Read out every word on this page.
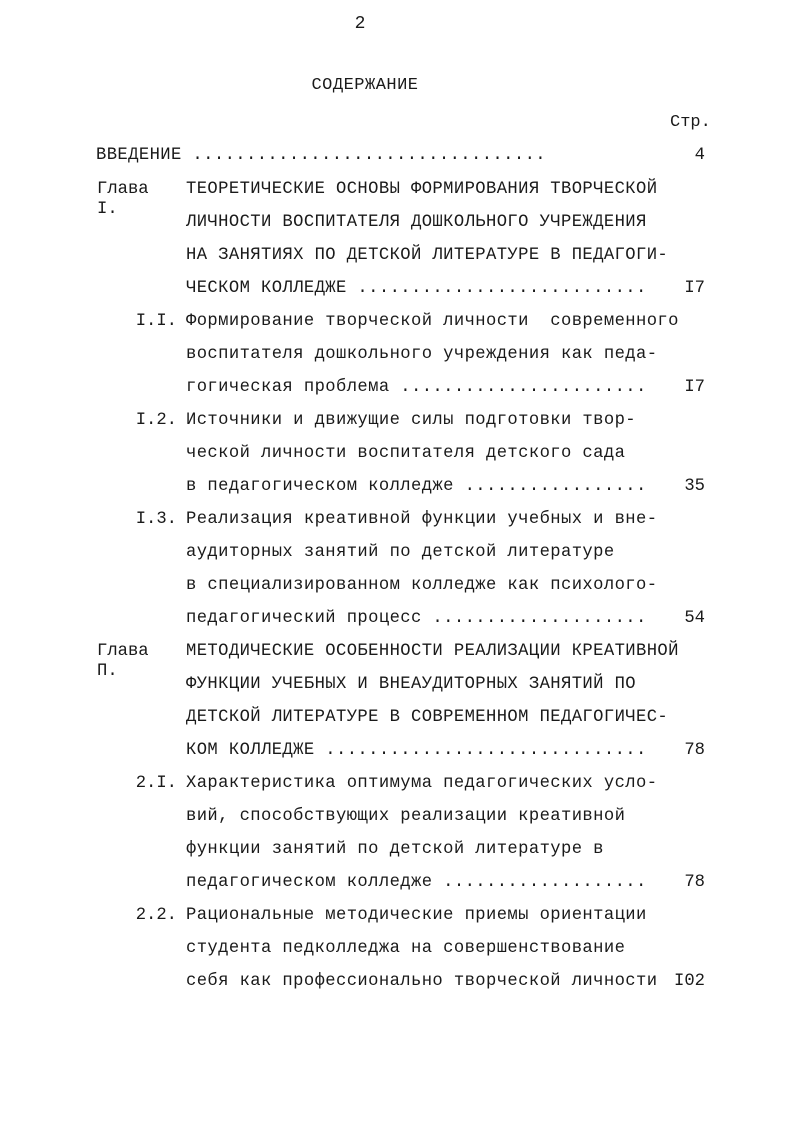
2
СОДЕРЖАНИЕ
Стр.
ВВЕДЕНИЕ .................................	4
Глава I.
ТЕОРЕТИЧЕСКИЕ ОСНОВЫ ФОРМИРОВАНИЯ ТВОРЧЕСКОЙ
ЛИЧНОСТИ ВОСПИТАТЕЛЯ ДОШКОЛЬНОГО УЧРЕЖДЕНИЯ
НА ЗАНЯТИЯХ ПО ДЕТСКОЙ ЛИТЕРАТУРЕ В ПЕДАГОГИ-
ЧЕСКОМ КОЛЛЕДЖЕ ...........................	I7
I.I. Формирование творческой личности  современного
воспитателя дошкольного учреждения как педа-
гогическая проблема .......................	I7
I.2. Источники и движущие силы подготовки твор-
ческой личности воспитателя детского сада
в педагогическом колледже .................	35
I.3. Реализация креативной функции учебных и вне-
аудиторных занятий по детской литературе
в специализированном колледже как психолого-
педагогический процесс ....................	54
Глава П.
МЕТОДИЧЕСКИЕ ОСОБЕННОСТИ РЕАЛИЗАЦИИ КРЕАТИВНОЙ
ФУНКЦИИ УЧЕБНЫХ И ВНЕАУДИТОРНЫХ ЗАНЯТИЙ ПО
ДЕТСКОЙ ЛИТЕРАТУРЕ В СОВРЕМЕННОМ ПЕДАГОГИЧЕС-
КОМ КОЛЛЕДЖЕ ..............................	78
2.I. Характеристика оптимума педагогических усло-
вий, способствующих реализации креативной
функции занятий по детской литературе в
педагогическом колледже ...................	78
2.2. Рациональные методические приемы ориентации
студента педколледжа на совершенствование
себя как профессионально творческой личности I02
